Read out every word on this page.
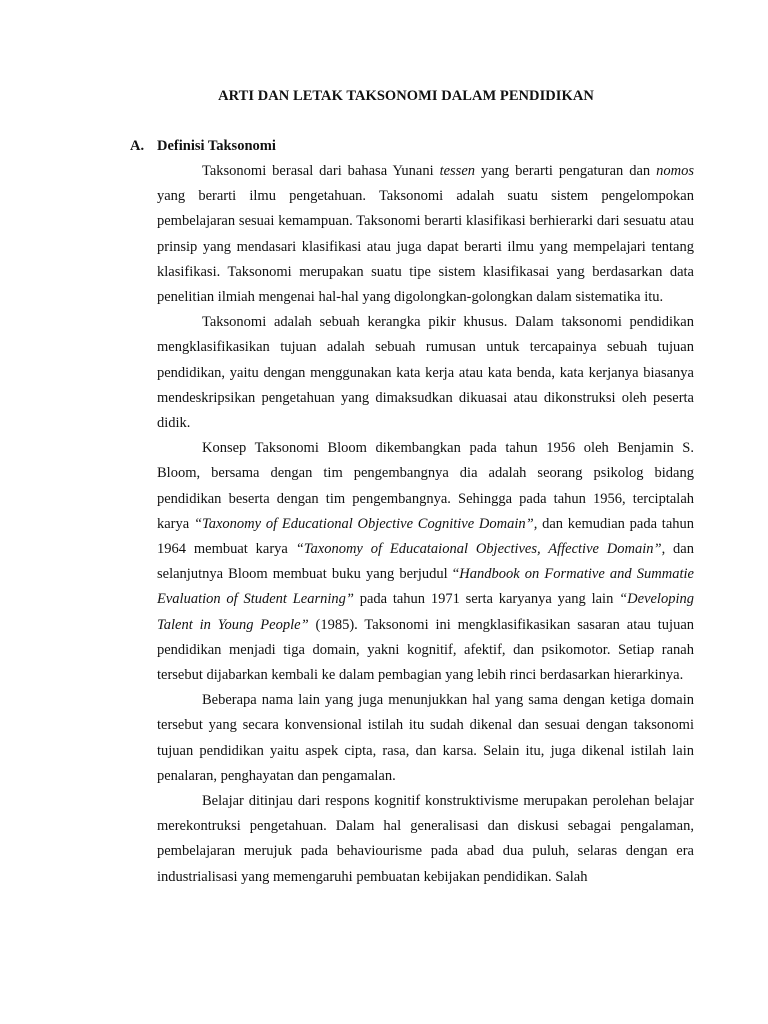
ARTI DAN LETAK TAKSONOMI DALAM PENDIDIKAN
A. Definisi Taksonomi

Taksonomi berasal dari bahasa Yunani tessen yang berarti pengaturan dan nomos yang berarti ilmu pengetahuan. Taksonomi adalah suatu sistem pengelompokan pembelajaran sesuai kemampuan. Taksonomi berarti klasifikasi berhierarki dari sesuatu atau prinsip yang mendasari klasifikasi atau juga dapat berarti ilmu yang mempelajari tentang klasifikasi. Taksonomi merupakan suatu tipe sistem klasifikasai yang berdasarkan data penelitian ilmiah mengenai hal-hal yang digolongkan-golongkan dalam sistematika itu.

Taksonomi adalah sebuah kerangka pikir khusus. Dalam taksonomi pendidikan mengklasifikasikan tujuan adalah sebuah rumusan untuk tercapainya sebuah tujuan pendidikan, yaitu dengan menggunakan kata kerja atau kata benda, kata kerjanya biasanya mendeskripsikan pengetahuan yang dimaksudkan dikuasai atau dikonstruksi oleh peserta didik.

Konsep Taksonomi Bloom dikembangkan pada tahun 1956 oleh Benjamin S. Bloom, bersama dengan tim pengembangnya dia adalah seorang psikolog bidang pendidikan beserta dengan tim pengembangnya. Sehingga pada tahun 1956, terciptalah karya “Taxonomy of Educational Objective Cognitive Domain”, dan kemudian pada tahun 1964 membuat karya “Taxonomy of Educataional Objectives, Affective Domain”, dan selanjutnya Bloom membuat buku yang berjudul “Handbook on Formative and Summatie Evaluation of Student Learning” pada tahun 1971 serta karyanya yang lain “Developing Talent in Young People” (1985). Taksonomi ini mengklasifikasikan sasaran atau tujuan pendidikan menjadi tiga domain, yakni kognitif, afektif, dan psikomotor. Setiap ranah tersebut dijabarkan kembali ke dalam pembagian yang lebih rinci berdasarkan hierarkinya.

Beberapa nama lain yang juga menunjukkan hal yang sama dengan ketiga domain tersebut yang secara konvensional istilah itu sudah dikenal dan sesuai dengan taksonomi tujuan pendidikan yaitu aspek cipta, rasa, dan karsa. Selain itu, juga dikenal istilah lain penalaran, penghayatan dan pengamalan.

Belajar ditinjau dari respons kognitif konstruktivisme merupakan perolehan belajar merekontruksi pengetahuan. Dalam hal generalisasi dan diskusi sebagai pengalaman, pembelajaran merujuk pada behaviourisme pada abad dua puluh, selaras dengan era industrialisasi yang memengaruhi pembuatan kebijakan pendidikan. Salah
